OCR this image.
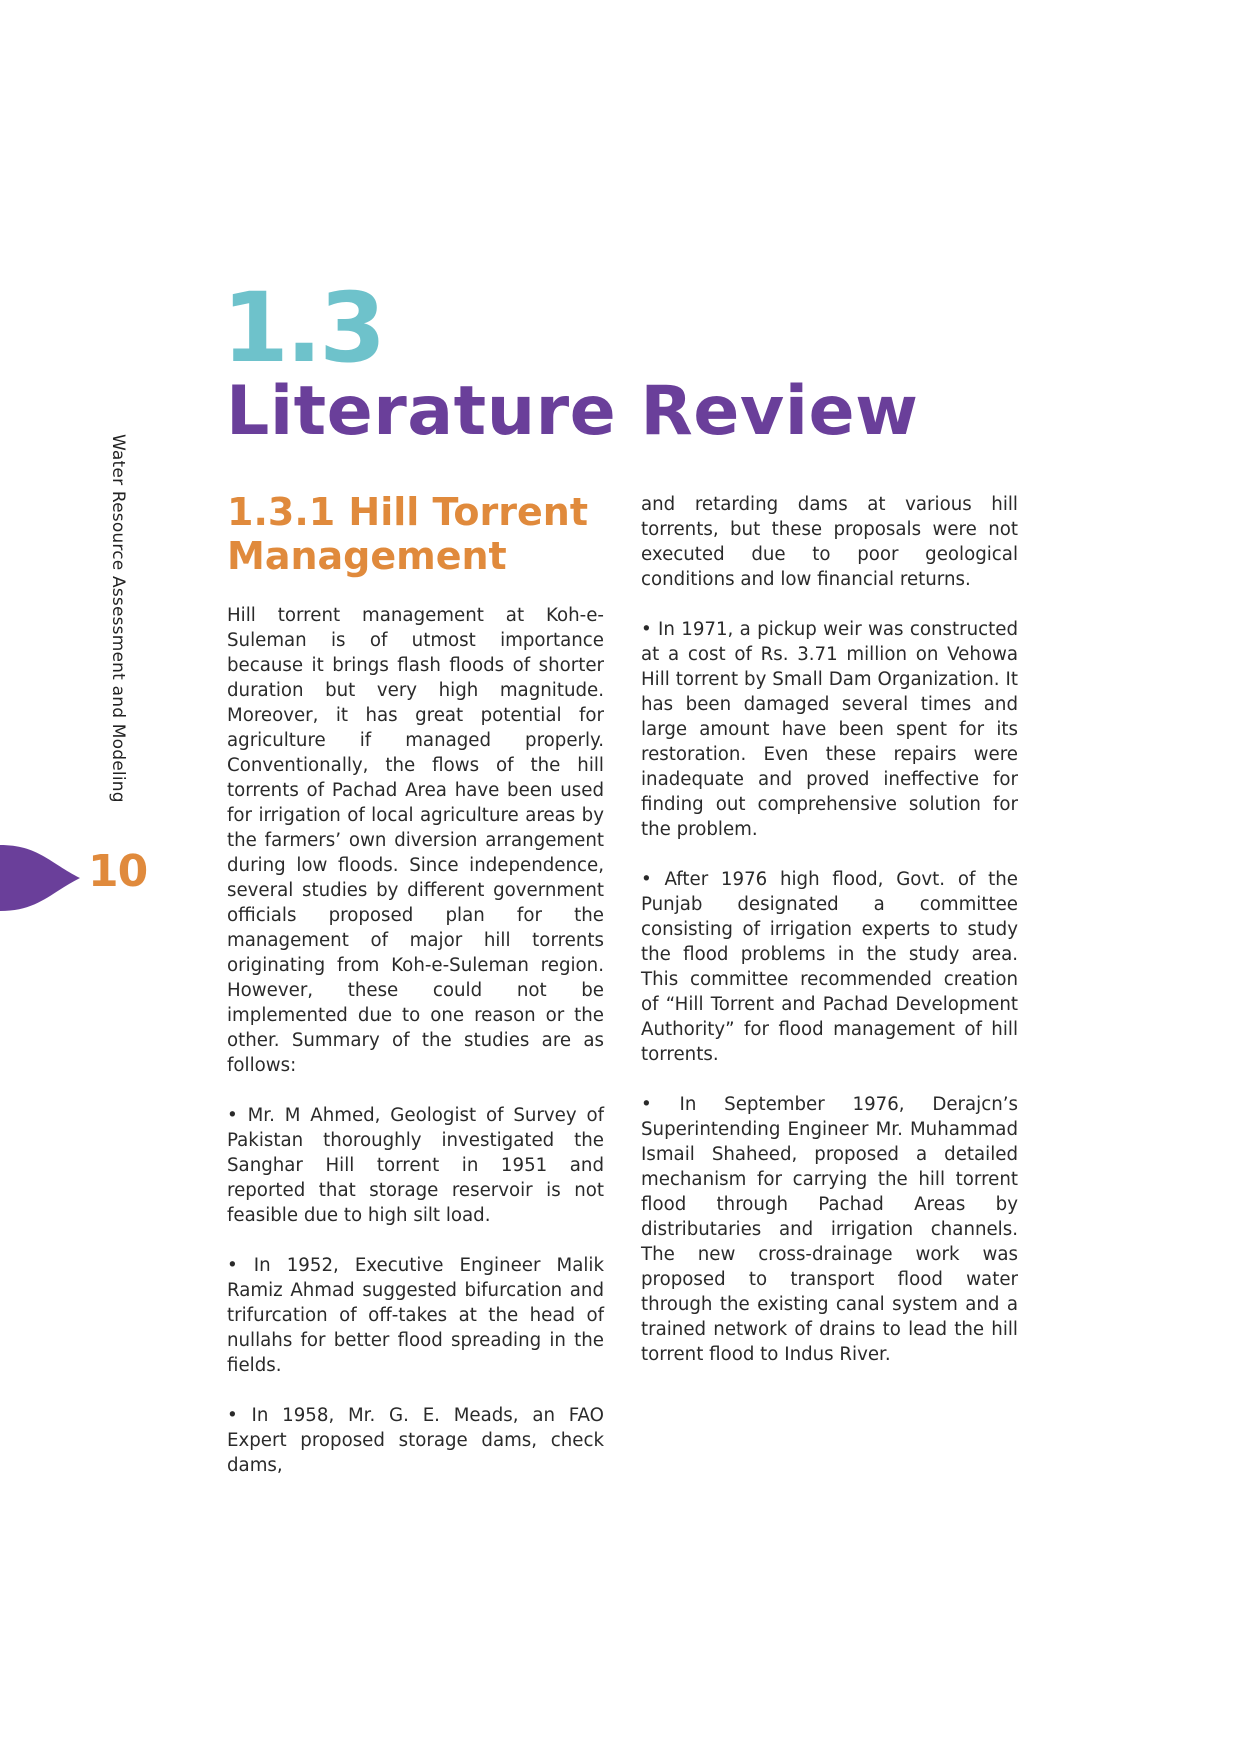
Water Resource Assessment and Modeling
10
1.3
Literature Review
1.3.1 Hill Torrent Management

Hill torrent management at Koh-e-Suleman is of utmost importance because it brings flash floods of shorter duration but very high magnitude. Moreover, it has great potential for agriculture if managed properly. Conventionally, the flows of the hill torrents of Pachad Area have been used for irrigation of local agriculture areas by the farmers’ own diversion arrangement during low floods. Since independence, several studies by different government officials proposed plan for the management of major hill torrents originating from Koh-e-Suleman region. However, these could not be implemented due to one reason or the other. Summary of the studies are as follows:

• Mr. M Ahmed, Geologist of Survey of Pakistan thoroughly investigated the Sanghar Hill torrent in 1951 and reported that storage reservoir is not feasible due to high silt load.

• In 1952, Executive Engineer Malik Ramiz Ahmad suggested bifurcation and trifurcation of off-takes at the head of nullahs for better flood spreading in the fields.

• In 1958, Mr. G. E. Meads, an FAO Expert proposed storage dams, check dams,

and retarding dams at various hill torrents, but these proposals were not executed due to poor geological conditions and low financial returns.

• In 1971, a pickup weir was constructed at a cost of Rs. 3.71 million on Vehowa Hill torrent by Small Dam Organization. It has been damaged several times and large amount have been spent for its restoration. Even these repairs were inadequate and proved ineffective for finding out comprehensive solution for the problem.

• After 1976 high flood, Govt. of the Punjab designated a committee consisting of irrigation experts to study the flood problems in the study area. This committee recommended creation of “Hill Torrent and Pachad Development Authority” for flood management of hill torrents.

• In September 1976, Derajcn’s Superintending Engineer Mr. Muhammad Ismail Shaheed, proposed a detailed mechanism for carrying the hill torrent flood through Pachad Areas by distributaries and irrigation channels. The new cross-drainage work was proposed to transport flood water through the existing canal system and a trained network of drains to lead the hill torrent flood to Indus River.
